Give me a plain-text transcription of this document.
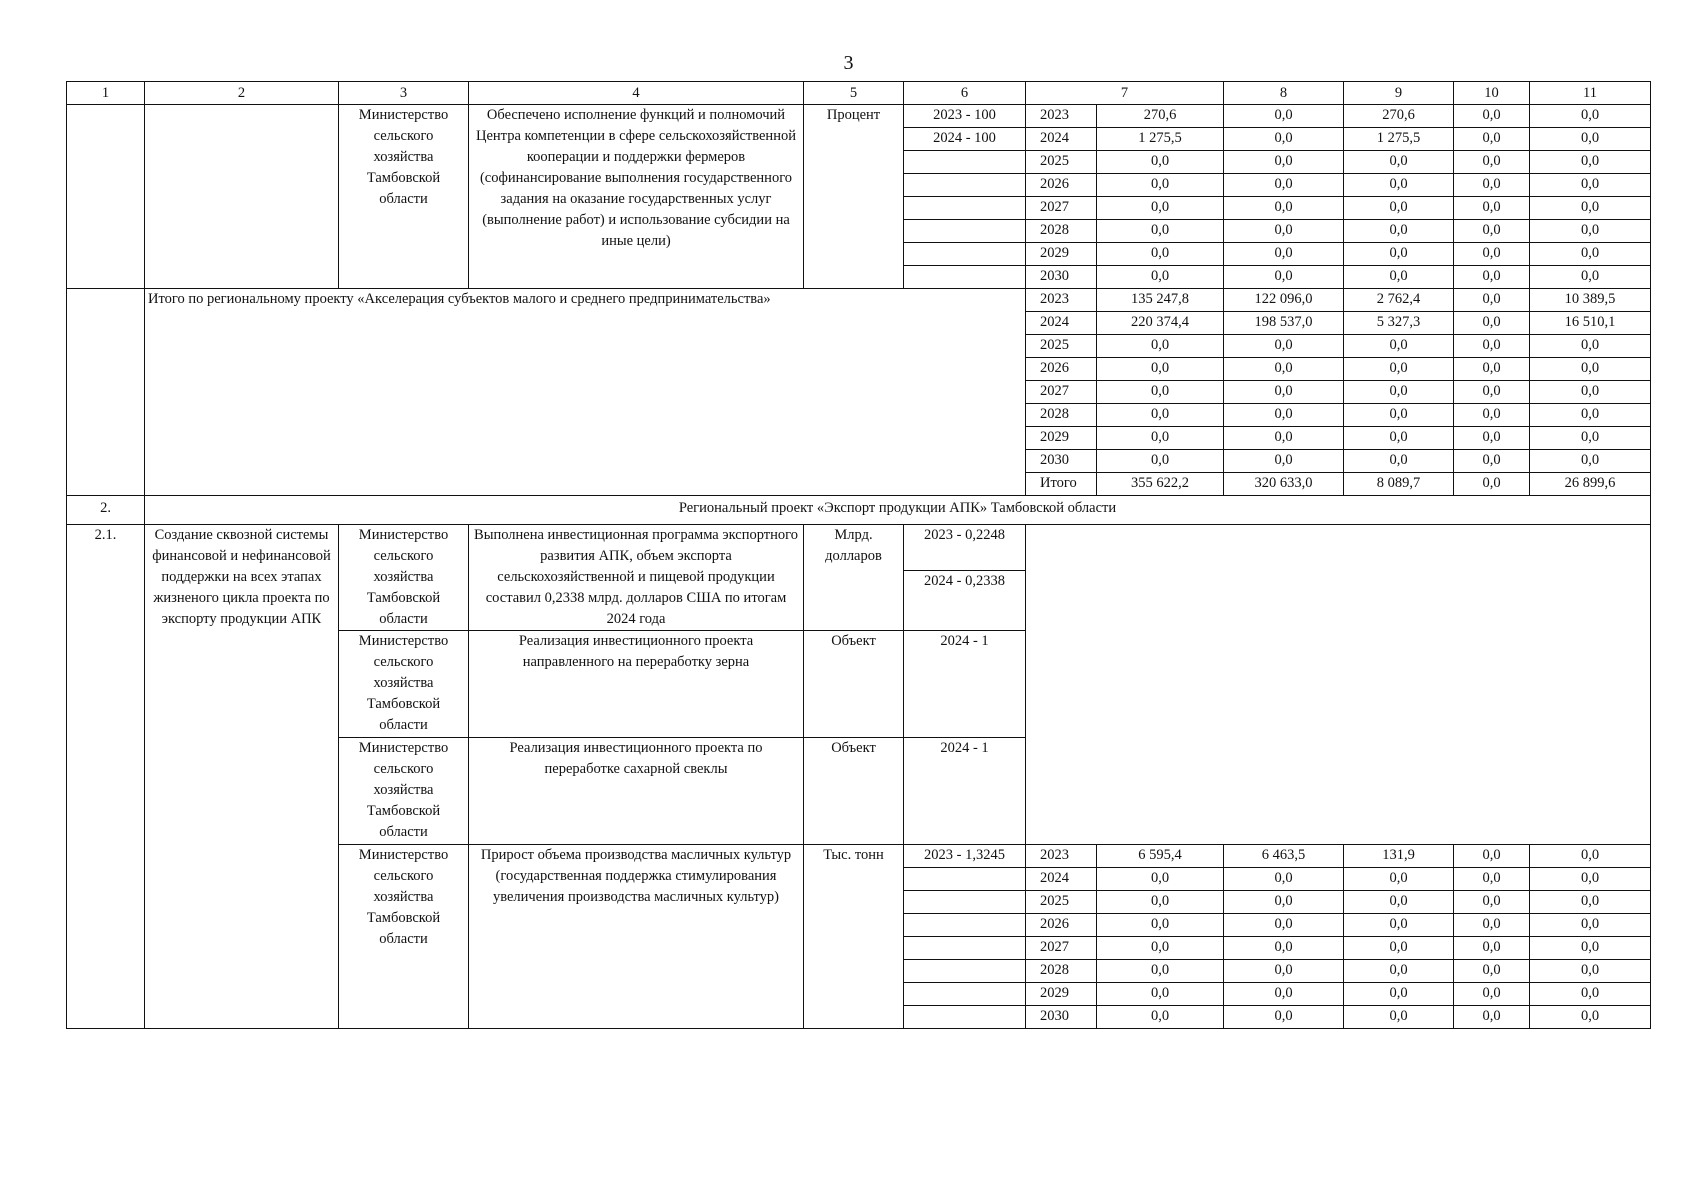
3
1	2	3	4	5	6	7		8	9	10	11
		Министерство сельского хозяйства Тамбовской области	Обеспечено исполнение функций и полномочий Центра компетенции в сфере сельскохозяйственной кооперации и поддержки фермеров (софинансирование выполнения государственного задания на оказание государственных услуг (выполнение работ) и использование субсидии на иные цели)	Процент	2023 - 100	2023	270,6	0,0	270,6	0,0	0,0
					2024 - 100	2024	1 275,5	0,0	1 275,5	0,0	0,0
						2025	0,0	0,0	0,0	0,0	0,0
						2026	0,0	0,0	0,0	0,0	0,0
						2027	0,0	0,0	0,0	0,0	0,0
						2028	0,0	0,0	0,0	0,0	0,0
						2029	0,0	0,0	0,0	0,0	0,0
						2030	0,0	0,0	0,0	0,0	0,0
	Итого по региональному проекту «Акселерация субъектов малого и среднего предпринимательства»					2023	135 247,8	122 096,0	2 762,4	0,0	10 389,5
						2024	220 374,4	198 537,0	5 327,3	0,0	16 510,1
						2025	0,0	0,0	0,0	0,0	0,0
						2026	0,0	0,0	0,0	0,0	0,0
						2027	0,0	0,0	0,0	0,0	0,0
						2028	0,0	0,0	0,0	0,0	0,0
						2029	0,0	0,0	0,0	0,0	0,0
						2030	0,0	0,0	0,0	0,0	0,0
						Итого	355 622,2	320 633,0	8 089,7	0,0	26 899,6
2.	Региональный проект «Экспорт продукции АПК» Тамбовской области										
2.1.	Создание сквозной системы финансовой и нефинансовой поддержки на всех этапах жизненого цикла проекта по экспорту продукции АПК	Министерство сельского хозяйства Тамбовской области	Выполнена инвестиционная программа экспортного развития АПК, объем экспорта сельскохозяйственной и пищевой продукции составил 0,2338 млрд. долларов США по итогам 2024 года	Млрд. долларов	2023 - 0,2248						
					2024 - 0,2338						
		Министерство сельского хозяйства Тамбовской области	Реализация инвестиционного проекта направленного на переработку зерна	Объект	2024 - 1						
		Министерство сельского хозяйства Тамбовской области	Реализация инвестиционного проекта по переработке сахарной свеклы	Объект	2024 - 1						
		Министерство сельского хозяйства Тамбовской области	Прирост объема производства масличных культур (государственная поддержка стимулирования увеличения производства масличных культур)	Тыс. тонн	2023 - 1,3245	2023	6 595,4	6 463,5	131,9	0,0	0,0
						2024	0,0	0,0	0,0	0,0	0,0
						2025	0,0	0,0	0,0	0,0	0,0
						2026	0,0	0,0	0,0	0,0	0,0
						2027	0,0	0,0	0,0	0,0	0,0
						2028	0,0	0,0	0,0	0,0	0,0
						2029	0,0	0,0	0,0	0,0	0,0
						2030	0,0	0,0	0,0	0,0	0,0
